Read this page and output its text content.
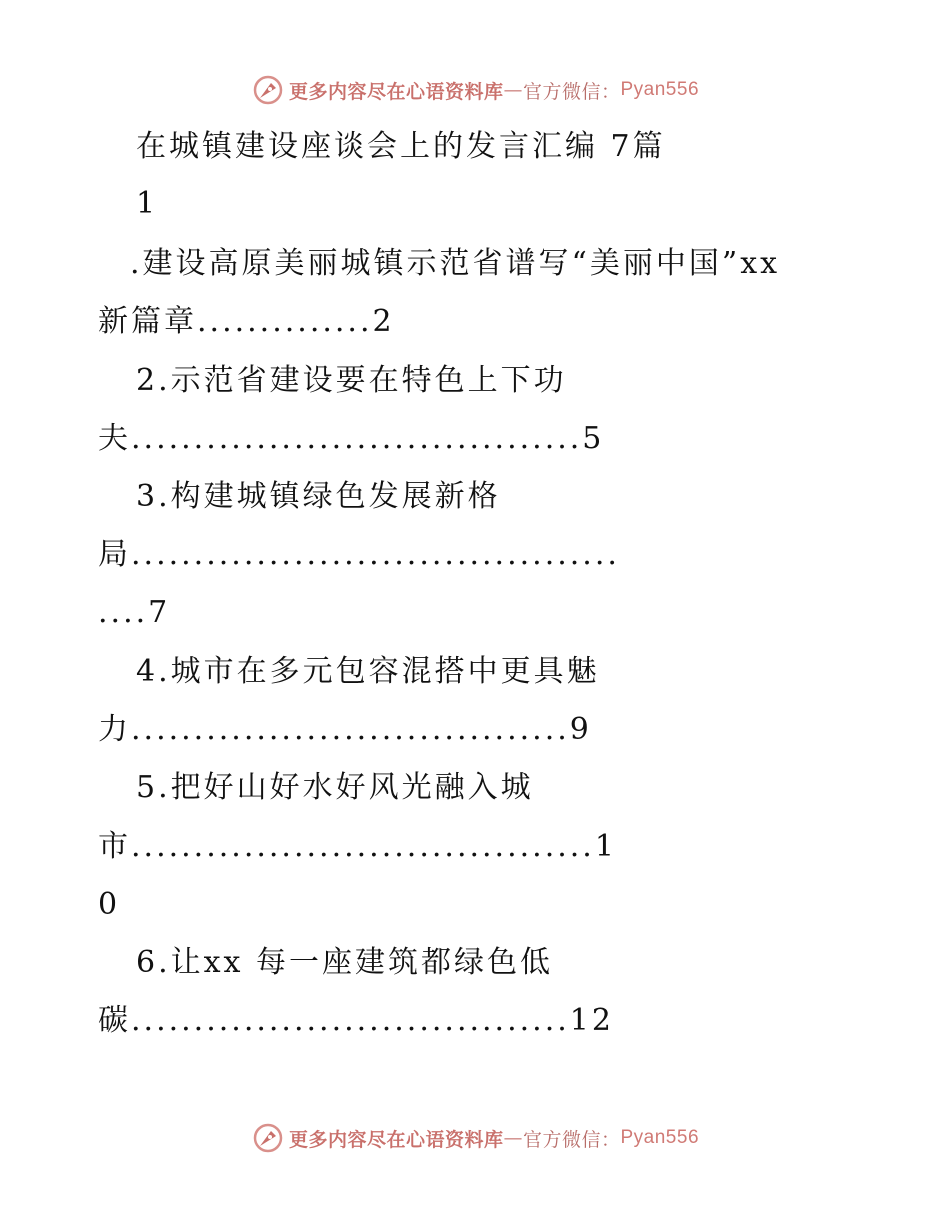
更多内容尽在心语资料库 — 官方微信： Pyan556
在城镇建设座谈会上的发言汇编 7篇
1
.建设高原美丽城镇示范省谱写“美丽中国”xx
新篇章..............2
2.示范省建设要在特色上下功
夫....................................5
3.构建城镇绿色发展新格
局.......................................
....7
4.城市在多元包容混搭中更具魅
力...................................9
5.把好山好水好风光融入城
市.....................................1
0
6.让xx 每一座建筑都绿色低
碳...................................12
更多内容尽在心语资料库 — 官方微信： Pyan556
